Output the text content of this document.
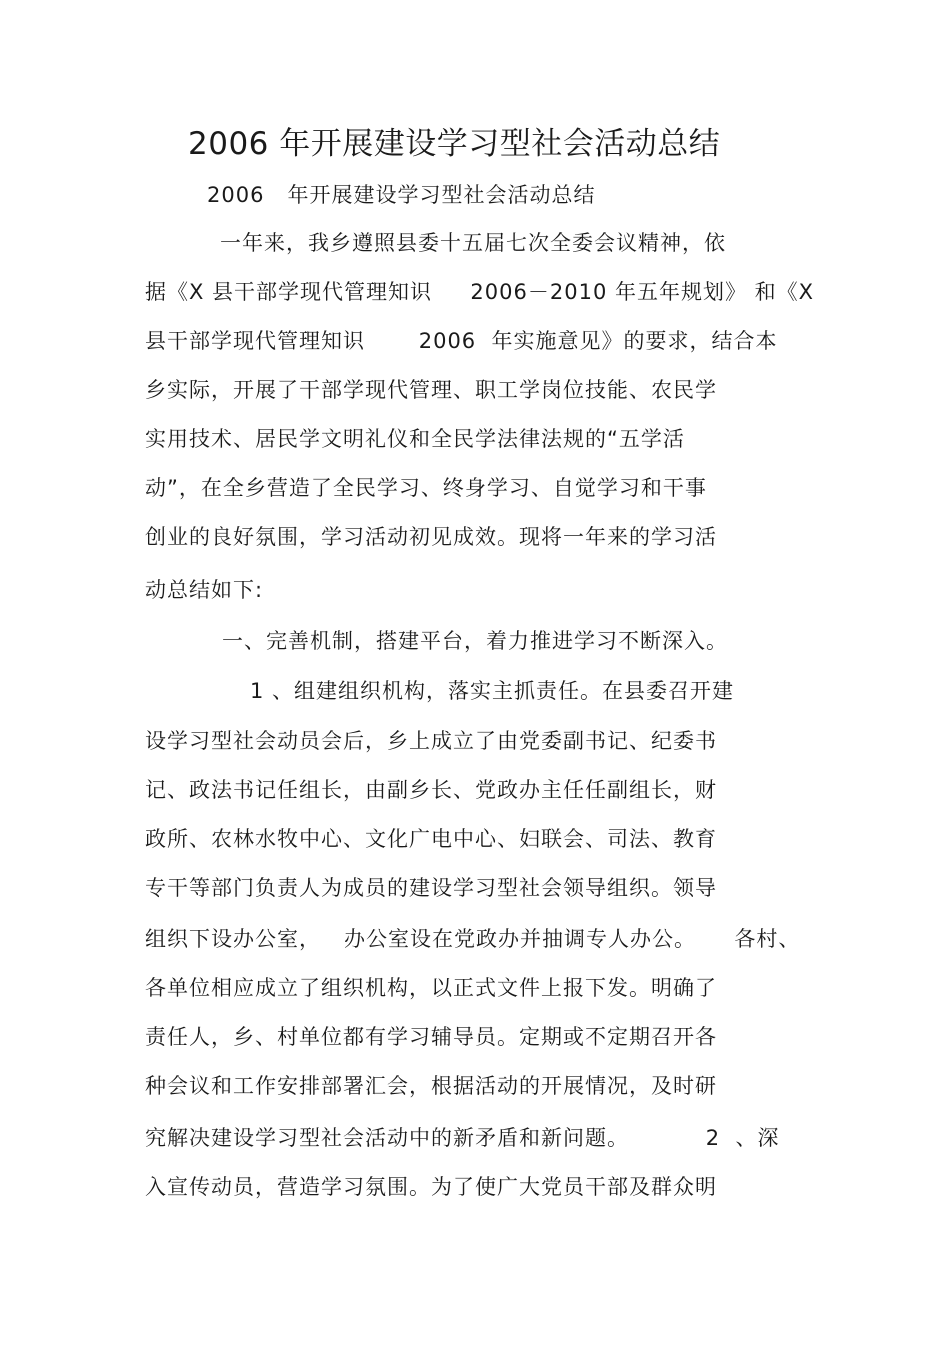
2006 年开展建设学习型社会活动总结
2006   年开展建设学习型社会活动总结
一年来，我乡遵照县委十五届七次全委会议精神，依
据《X 县干部学现代管理知识     2006－2010 年五年规划》 和《X
县干部学现代管理知识       2006  年实施意见》的要求，结合本
乡实际，开展了干部学现代管理、职工学岗位技能、农民学
实用技术、居民学文明礼仪和全民学法律法规的“五学活
动”，在全乡营造了全民学习、终身学习、自觉学习和干事
创业的良好氛围，学习活动初见成效。现将一年来的学习活
动总结如下:
一、完善机制，搭建平台，着力推进学习不断深入。
1 、组建组织机构，落实主抓责任。在县委召开建
设学习型社会动员会后，乡上成立了由党委副书记、纪委书
记、政法书记任组长，由副乡长、党政办主任任副组长，财
政所、农林水牧中心、文化广电中心、妇联会、司法、教育
专干等部门负责人为成员的建设学习型社会领导组织。领导
组织下设办公室，   办公室设在党政办并抽调专人办公。     各村、
各单位相应成立了组织机构，以正式文件上报下发。明确了
责任人，乡、村单位都有学习辅导员。定期或不定期召开各
种会议和工作安排部署汇会，根据活动的开展情况，及时研
究解决建设学习型社会活动中的新矛盾和新问题。          2  、深
入宣传动员，营造学习氛围。为了使广大党员干部及群众明
